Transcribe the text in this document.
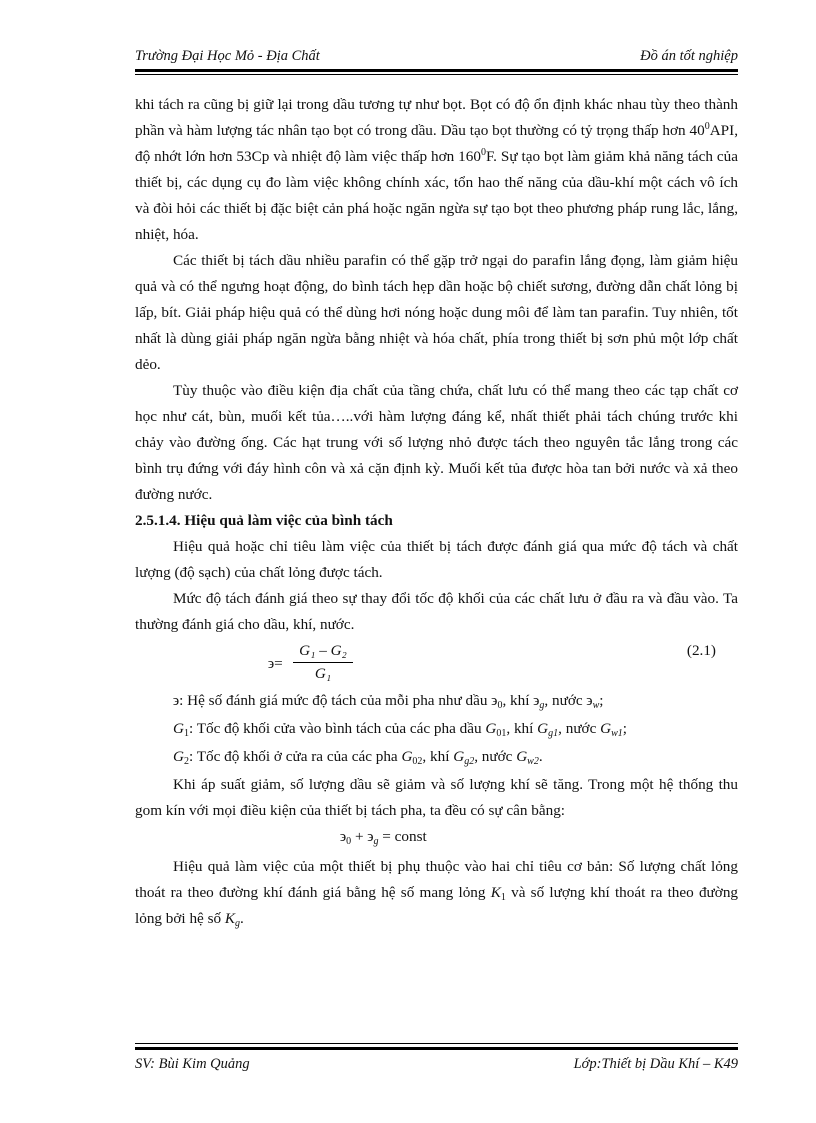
Trường Đại Học Mỏ - Địa Chất	Đồ án tốt nghiệp

khi tách ra cũng bị giữ lại trong dầu tương tự như bọt. Bọt có độ ổn định khác nhau tùy theo thành phần và hàm lượng tác nhân tạo bọt có trong dầu. Dầu tạo bọt thường có tỷ trọng thấp hơn $40^0API$, độ nhớt lớn hơn 53Cp và nhiệt độ làm việc thấp hơn $160^0F$. Sự tạo bọt làm giảm khả năng tách của thiết bị, các dụng cụ đo làm việc không chính xác, tổn hao thế năng của dầu-khí một cách vô ích và đòi hỏi các thiết bị đặc biệt cản phá hoặc ngăn ngừa sự tạo bọt theo phương pháp rung lắc, lắng, nhiệt, hóa.

Các thiết bị tách dầu nhiều parafin có thể gặp trở ngại do parafin lắng đọng, làm giảm hiệu quả và có thể ngưng hoạt động, do bình tách hẹp dần hoặc bộ chiết sương, đường dẫn chất lỏng bị lấp, bít. Giải pháp hiệu quả có thể dùng hơi nóng hoặc dung môi để làm tan parafin. Tuy nhiên, tốt nhất là dùng giải pháp ngăn ngừa bằng nhiệt và hóa chất, phía trong thiết bị sơn phủ một lớp chất dẻo.

Tùy thuộc vào điều kiện địa chất của tầng chứa, chất lưu có thể mang theo các tạp chất cơ học như cát, bùn, muối kết tủa…..với hàm lượng đáng kể, nhất thiết phải tách chúng trước khi chảy vào đường ống. Các hạt trung với số lượng nhỏ được tách theo nguyên tắc lắng trong các bình trụ đứng với đáy hình côn và xả cặn định kỳ. Muối kết tủa được hòa tan bởi nước và xả theo đường nước.

2.5.1.4. Hiệu quả làm việc của bình tách

Hiệu quả hoặc chỉ tiêu làm việc của thiết bị tách được đánh giá qua mức độ tách và chất lượng (độ sạch) của chất lỏng được tách.

Mức độ tách đánh giá theo sự thay đổi tốc độ khối của các chất lưu ở đầu ra và đầu vào. Ta thường đánh giá cho dầu, khí, nước.

϶=
G₁ – G₂
G₁
(2.1)
϶: Hệ số đánh giá mức độ tách của mỗi pha như dầu $϶_0$, khí $϶_g$, nước $϶_w$;
$G_1$: Tốc độ khối cửa vào bình tách của các pha dầu $G_{01}$, khí $G_{g1}$, nước $G_{w1}$;
$G_2$: Tốc độ khối ở cửa ra của các pha $G_{02}$, khí $G_{g2}$, nước $G_{w2}$.

Khi áp suất giảm, số lượng dầu sẽ giảm và số lượng khí sẽ tăng. Trong một hệ thống thu gom kín với mọi điều kiện của thiết bị tách pha, ta đều có sự cân bằng:

$϶_0 + ϶_g$ = const

Hiệu quả làm việc của một thiết bị phụ thuộc vào hai chỉ tiêu cơ bản: Số lượng chất lỏng thoát ra theo đường khí đánh giá bằng hệ số mang lỏng $K_1$ và số lượng khí thoát ra theo đường lỏng bởi hệ số $K_g$.

SV: Bùi Kim Quảng	Lớp:Thiết bị Dầu Khí – K49
